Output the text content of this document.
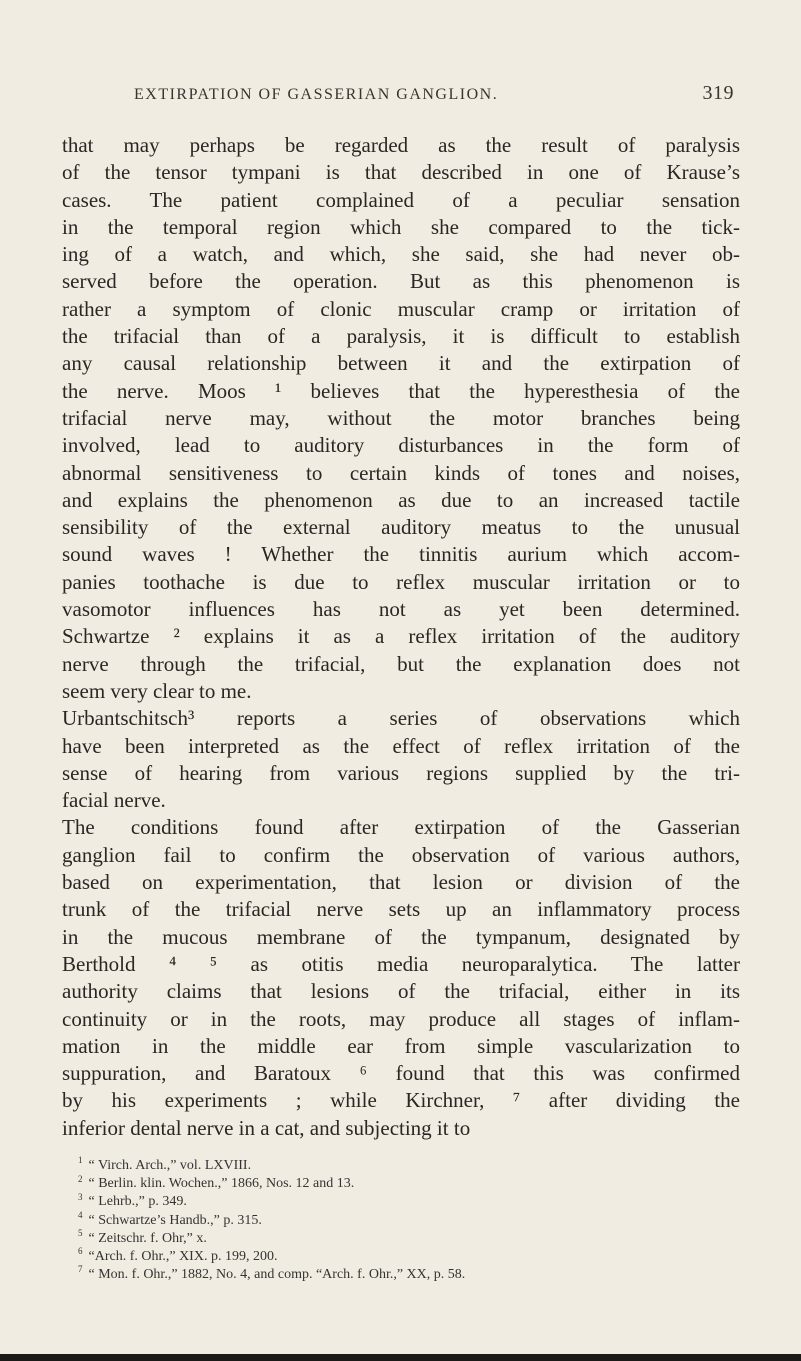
EXTIRPATION OF GASSERIAN GANGLION.	319
that may perhaps be regarded as the result of paralysis
of the tensor tympani is that described in one of Krause’s
cases. The patient complained of a peculiar sensation
in the temporal region which she compared to the tick-
ing of a watch, and which, she said, she had never ob-
served before the operation. But as this phenomenon is
rather a symptom of clonic muscular cramp or irritation of
the trifacial than of a paralysis, it is difficult to establish
any causal relationship between it and the extirpation of
the nerve. Moos ¹ believes that the hyperesthesia of the
trifacial nerve may, without the motor branches being
involved, lead to auditory disturbances in the form of
abnormal sensitiveness to certain kinds of tones and noises,
and explains the phenomenon as due to an increased tactile
sensibility of the external auditory meatus to the unusual
sound waves ! Whether the tinnitis aurium which accom-
panies toothache is due to reflex muscular irritation or to
vasomotor influences has not as yet been determined.
Schwartze ² explains it as a reflex irritation of the auditory
nerve through the trifacial, but the explanation does not
seem very clear to me.
Urbantschitsch³ reports a series of observations which
have been interpreted as the effect of reflex irritation of the
sense of hearing from various regions supplied by the tri-
facial nerve.
The conditions found after extirpation of the Gasserian
ganglion fail to confirm the observation of various authors,
based on experimentation, that lesion or division of the
trunk of the trifacial nerve sets up an inflammatory process
in the mucous membrane of the tympanum, designated by
Berthold ⁴ ⁵ as otitis media neuroparalytica. The latter
authority claims that lesions of the trifacial, either in its
continuity or in the roots, may produce all stages of inflam-
mation in the middle ear from simple vascularization to
suppuration, and Baratoux ⁶ found that this was confirmed
by his experiments ; while Kirchner, ⁷ after dividing the
inferior dental nerve in a cat, and subjecting it to
$^1$ “ Virch. Arch.,” vol. LXVIII.
$^2$ “ Berlin. klin. Wochen.,” 1866, Nos. 12 and 13.
$^3$ “ Lehrb.,” p. 349.
$^4$ “ Schwartze’s Handb.,” p. 315.
$^5$ “ Zeitschr. f. Ohr,” x.
$^6$ “Arch. f. Ohr.,” XIX. p. 199, 200.
$^7$ “ Mon. f. Ohr.,” 1882, No. 4, and comp. “Arch. f. Ohr.,” XX, p. 58.
